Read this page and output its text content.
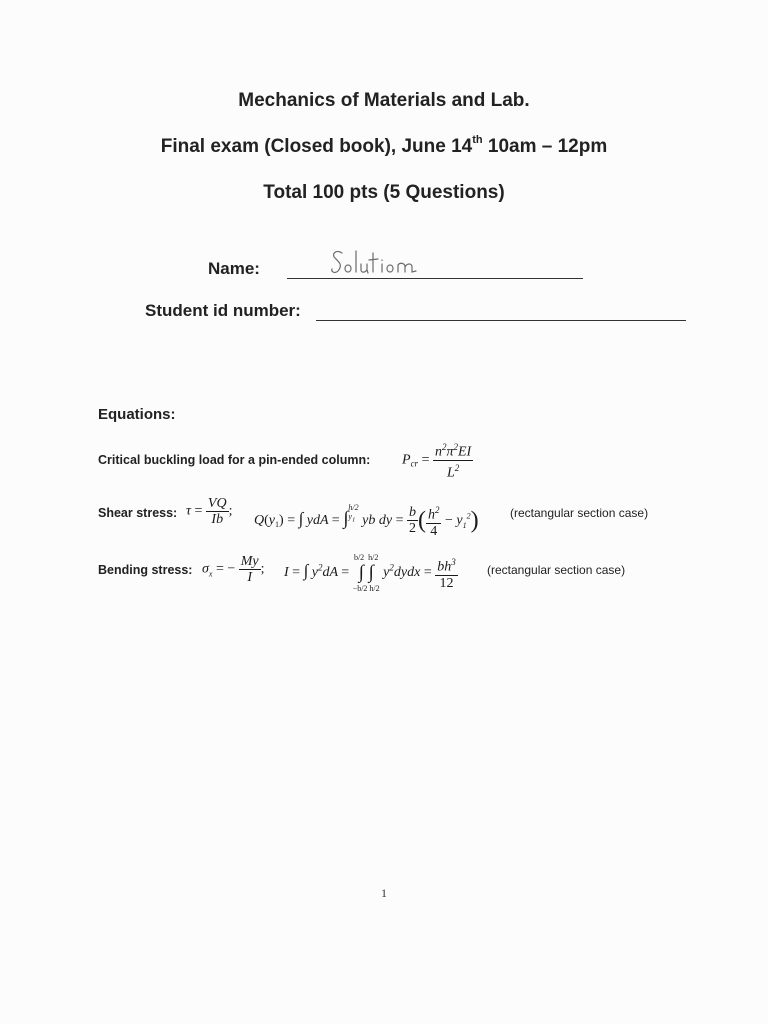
Mechanics of Materials and Lab.
Final exam (Closed book), June 14th 10am – 12pm
Total 100 pts (5 Questions)
Name:
Student id number:
Equations:
Critical buckling load for a pin-ended column: $P_{cr} = \frac{n^2\pi^2EI}{L^2}$
Shear stress: $\tau = \frac{VQ}{Ib}$ ;
$Q(y_1)$ = ∫ ydA = ∫h/2
$y_1$ yb dy = $\frac{b}{2}$ ( $\frac{h^2}{4} - y_1^2$)	(rectangular section case)
Bending stress: $\sigma_x$ = − $\frac{My}{I}$ ; I = ∫ $y^2dA = b/2$  h/2
∫ ∫
−b/2 h/2 $y^2dydx = \frac{bh^3}{12}$ (rectangular section case)
1
